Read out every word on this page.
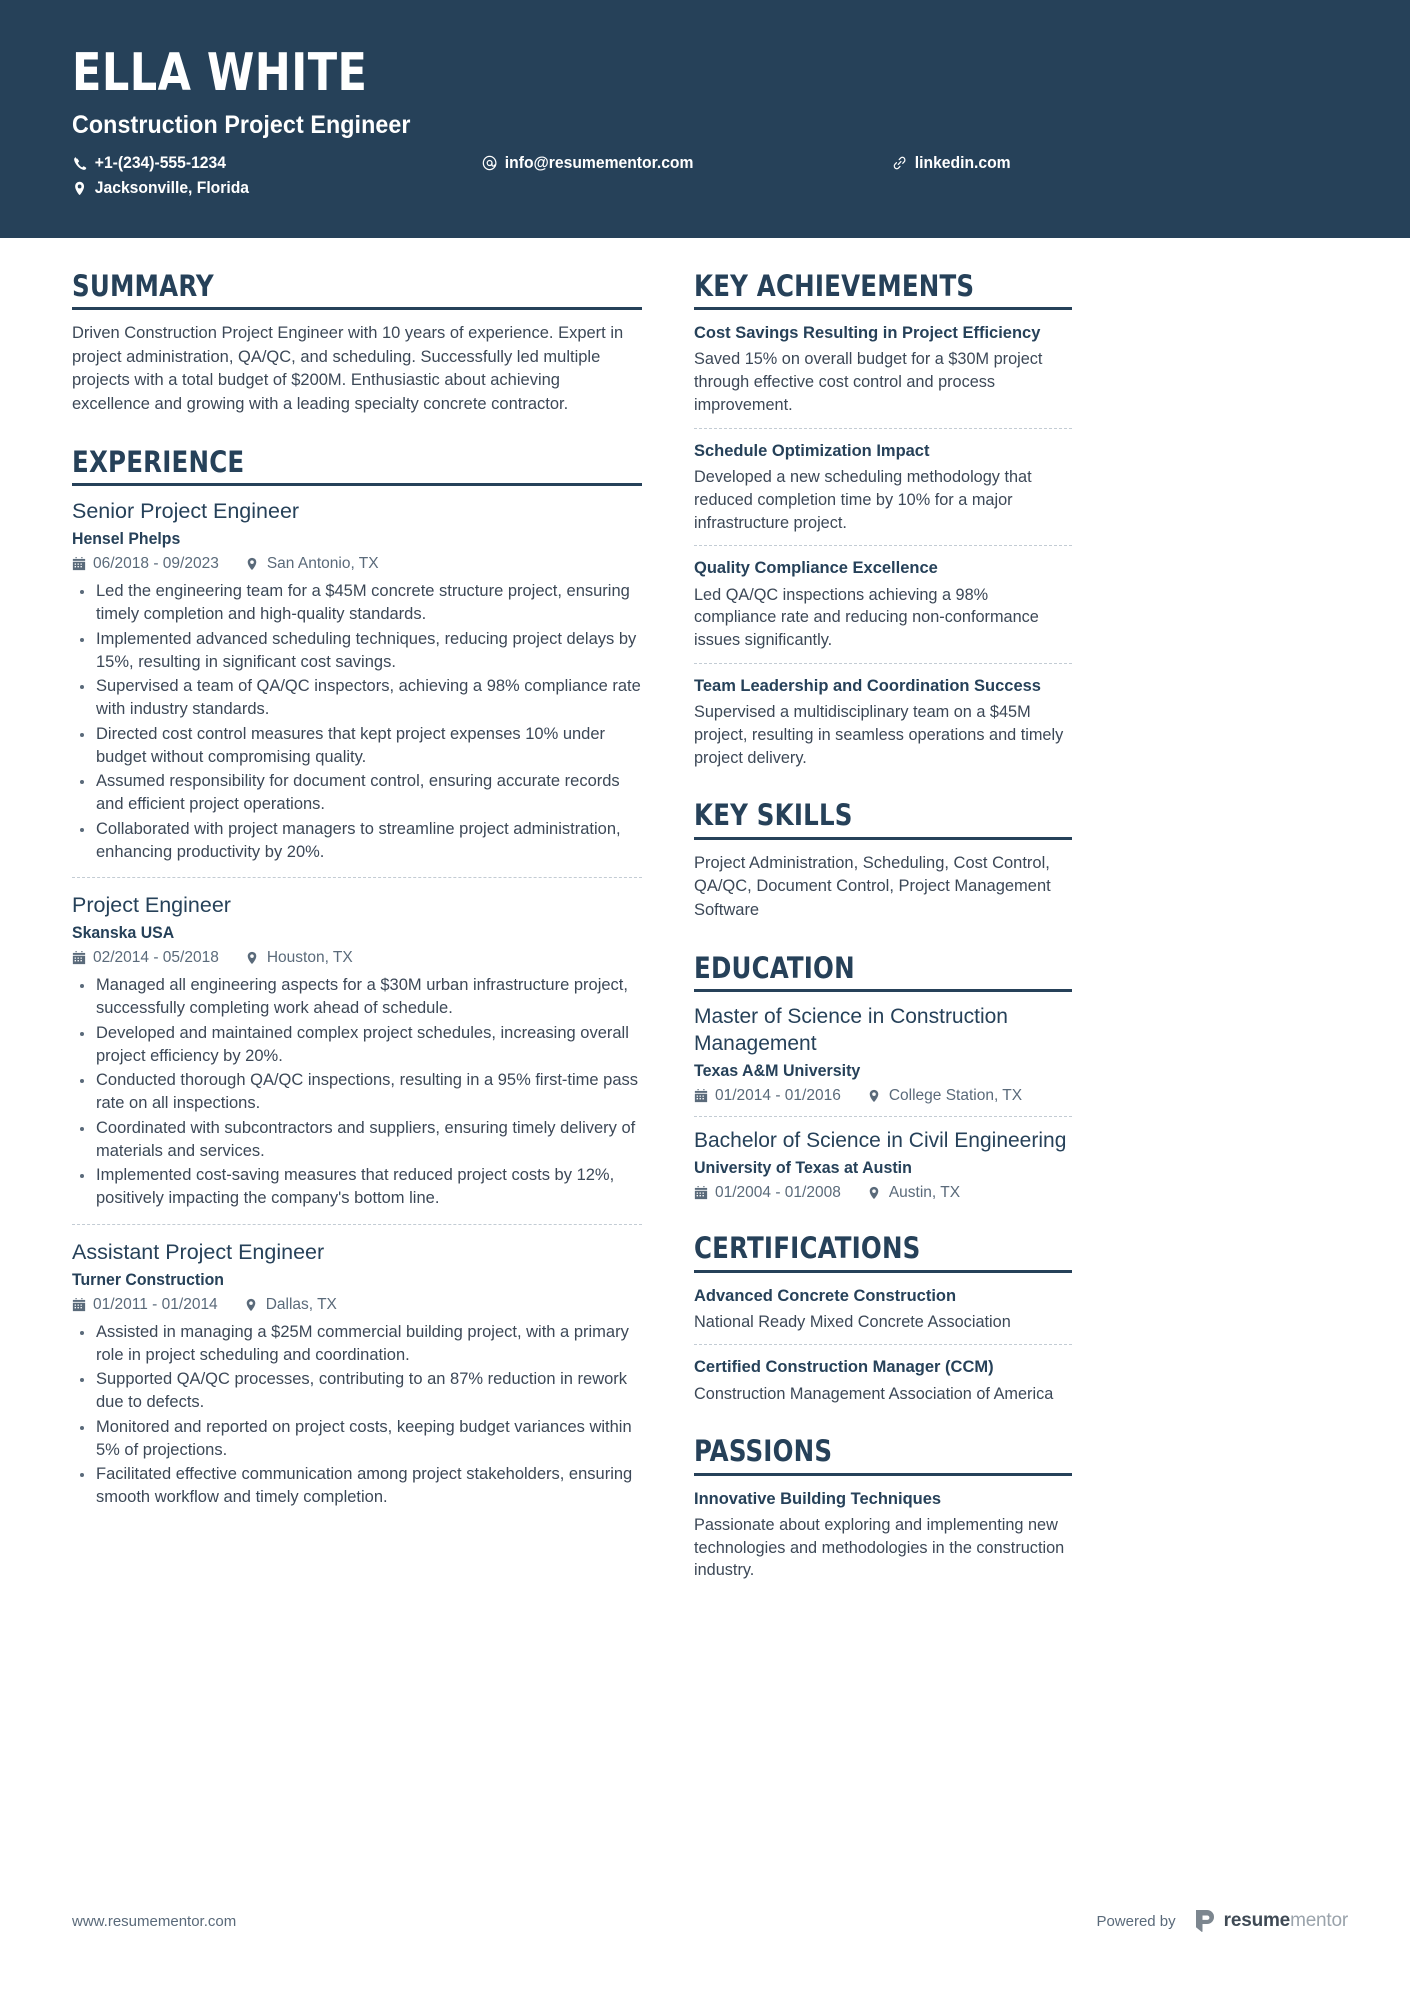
ELLA WHITE
Construction Project Engineer
+1-(234)-555-1234	info@resumementor.com	linkedin.com
Jacksonville, Florida
SUMMARY
Driven Construction Project Engineer with 10 years of experience. Expert in project administration, QA/QC, and scheduling. Successfully led multiple projects with a total budget of $200M. Enthusiastic about achieving excellence and growing with a leading specialty concrete contractor.
EXPERIENCE
Senior Project Engineer
Hensel Phelps
06/2018 - 09/2023	San Antonio, TX
Led the engineering team for a $45M concrete structure project, ensuring timely completion and high-quality standards.
Implemented advanced scheduling techniques, reducing project delays by 15%, resulting in significant cost savings.
Supervised a team of QA/QC inspectors, achieving a 98% compliance rate with industry standards.
Directed cost control measures that kept project expenses 10% under budget without compromising quality.
Assumed responsibility for document control, ensuring accurate records and efficient project operations.
Collaborated with project managers to streamline project administration, enhancing productivity by 20%.
Project Engineer
Skanska USA
02/2014 - 05/2018	Houston, TX
Managed all engineering aspects for a $30M urban infrastructure project, successfully completing work ahead of schedule.
Developed and maintained complex project schedules, increasing overall project efficiency by 20%.
Conducted thorough QA/QC inspections, resulting in a 95% first-time pass rate on all inspections.
Coordinated with subcontractors and suppliers, ensuring timely delivery of materials and services.
Implemented cost-saving measures that reduced project costs by 12%, positively impacting the company's bottom line.
Assistant Project Engineer
Turner Construction
01/2011 - 01/2014	Dallas, TX
Assisted in managing a $25M commercial building project, with a primary role in project scheduling and coordination.
Supported QA/QC processes, contributing to an 87% reduction in rework due to defects.
Monitored and reported on project costs, keeping budget variances within 5% of projections.
Facilitated effective communication among project stakeholders, ensuring smooth workflow and timely completion.
KEY ACHIEVEMENTS
Cost Savings Resulting in Project Efficiency
Saved 15% on overall budget for a $30M project through effective cost control and process improvement.
Schedule Optimization Impact
Developed a new scheduling methodology that reduced completion time by 10% for a major infrastructure project.
Quality Compliance Excellence
Led QA/QC inspections achieving a 98% compliance rate and reducing non-conformance issues significantly.
Team Leadership and Coordination Success
Supervised a multidisciplinary team on a $45M project, resulting in seamless operations and timely project delivery.
KEY SKILLS
Project Administration, Scheduling, Cost Control, QA/QC, Document Control, Project Management Software
EDUCATION
Master of Science in Construction Management
Texas A&M University
01/2014 - 01/2016	College Station, TX
Bachelor of Science in Civil Engineering
University of Texas at Austin
01/2004 - 01/2008	Austin, TX
CERTIFICATIONS
Advanced Concrete Construction
National Ready Mixed Concrete Association
Certified Construction Manager (CCM)
Construction Management Association of America
PASSIONS
Innovative Building Techniques
Passionate about exploring and implementing new technologies and methodologies in the construction industry.
www.resumementor.com	Powered by	resumementor
